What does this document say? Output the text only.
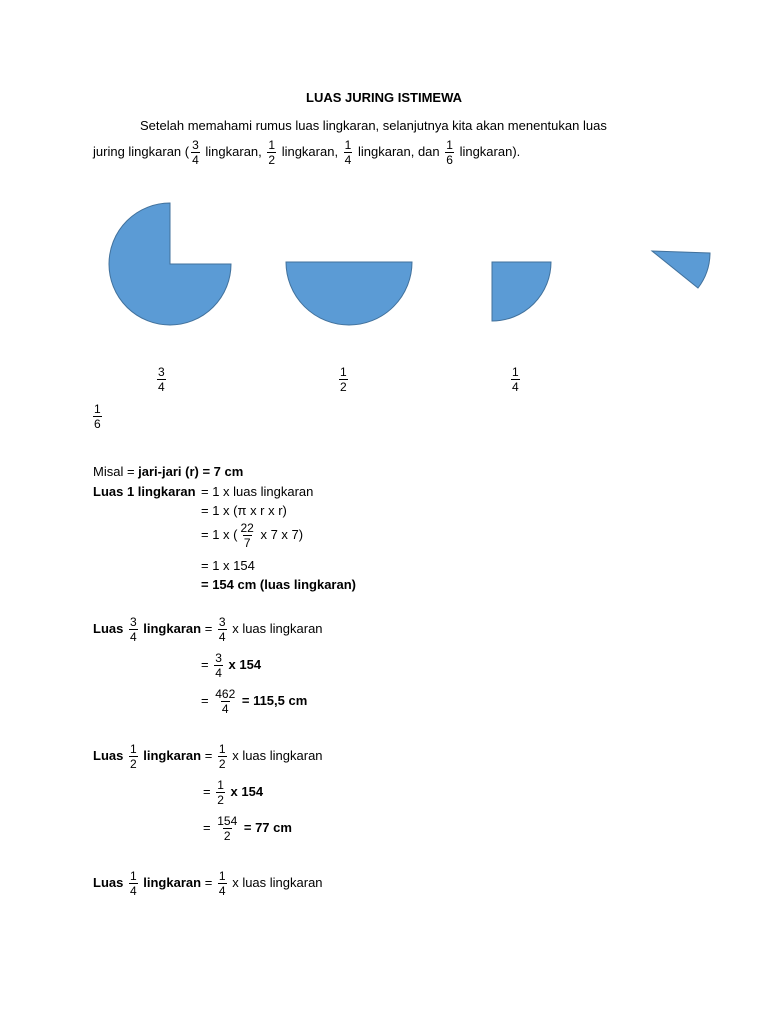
LUAS JURING ISTIMEWA
Setelah memahami rumus luas lingkaran, selanjutnya kita akan menentukan luas
juring lingkaran ( $\frac{3}{4}$ lingkaran, $\frac{1}{2}$ lingkaran, $\frac{1}{4}$ lingkaran, dan $\frac{1}{6}$ lingkaran).
$\frac{3}{4}$	$\frac{1}{2}$	$\frac{1}{4}$
$\frac{1}{6}$
Misal = jari-jari (r) = 7 cm
Luas 1 lingkaran = 1 x luas lingkaran
= 1 x (π x r x r)
= 1 x ( $\frac{22}{7}$ x 7 x 7)
= 1 x 154
= 154 cm (luas lingkaran)
Luas $\frac{3}{4}$ lingkaran = $\frac{3}{4}$ x luas lingkaran
= $\frac{3}{4}$ x 154
= $\frac{462}{4} = 115,5$ cm
Luas $\frac{1}{2}$ lingkaran = $\frac{1}{2}$ x luas lingkaran
= $\frac{1}{2}$ x 154
= $\frac{154}{2} = 77$ cm
Luas $\frac{1}{4}$ lingkaran = $\frac{1}{4}$ x luas lingkaran
